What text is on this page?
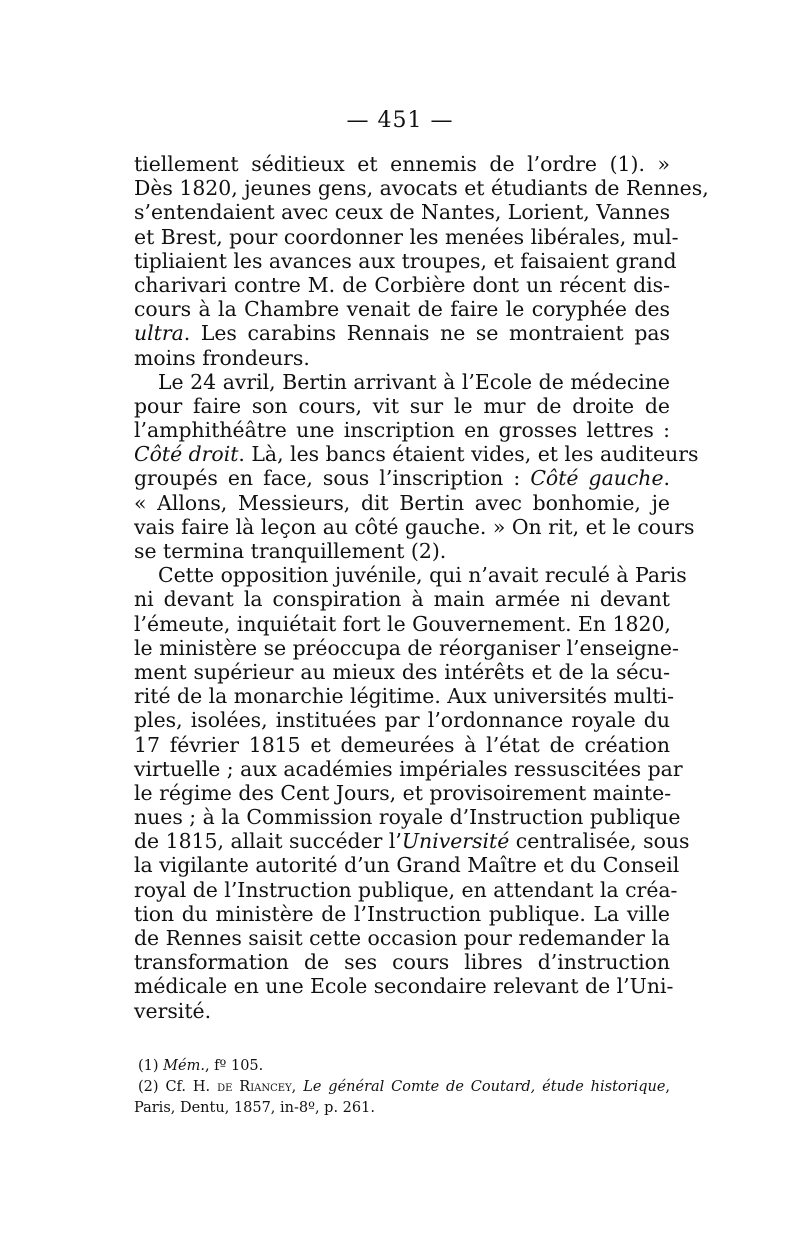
— 451 —
tiellement séditieux et ennemis de l’ordre (1). »
Dès 1820, jeunes gens, avocats et étudiants de Rennes,
s’entendaient avec ceux de Nantes, Lorient, Vannes
et Brest, pour coordonner les menées libérales, mul-
tipliaient les avances aux troupes, et faisaient grand
charivari contre M. de Corbière dont un récent dis-
cours à la Chambre venait de faire le coryphée des
ultra. Les carabins Rennais ne se montraient pas
moins frondeurs.
Le 24 avril, Bertin arrivant à l’Ecole de médecine
pour faire son cours, vit sur le mur de droite de
l’amphithéâtre une inscription en grosses lettres :
Côté droit. Là, les bancs étaient vides, et les auditeurs
groupés en face, sous l’inscription : Côté gauche.
« Allons, Messieurs, dit Bertin avec bonhomie, je
vais faire là leçon au côté gauche. » On rit, et le cours
se termina tranquillement (2).
Cette opposition juvénile, qui n’avait reculé à Paris
ni devant la conspiration à main armée ni devant
l’émeute, inquiétait fort le Gouvernement. En 1820,
le ministère se préoccupa de réorganiser l’enseigne-
ment supérieur au mieux des intérêts et de la sécu-
rité de la monarchie légitime. Aux universités multi-
ples, isolées, instituées par l’ordonnance royale du
17 février 1815 et demeurées à l’état de création
virtuelle ; aux académies impériales ressuscitées par
le régime des Cent Jours, et provisoirement mainte-
nues ; à la Commission royale d’Instruction publique
de 1815, allait succéder l’Université centralisée, sous
la vigilante autorité d’un Grand Maître et du Conseil
royal de l’Instruction publique, en attendant la créa-
tion du ministère de l’Instruction publique. La ville
de Rennes saisit cette occasion pour redemander la
transformation de ses cours libres d’instruction
médicale en une Ecole secondaire relevant de l’Uni-
versité.
(1) Mém., fº 105.
(2) Cf. H. de Riancey, Le général Comte de Coutard, étude historique,
Paris, Dentu, 1857, in-8º, p. 261.
